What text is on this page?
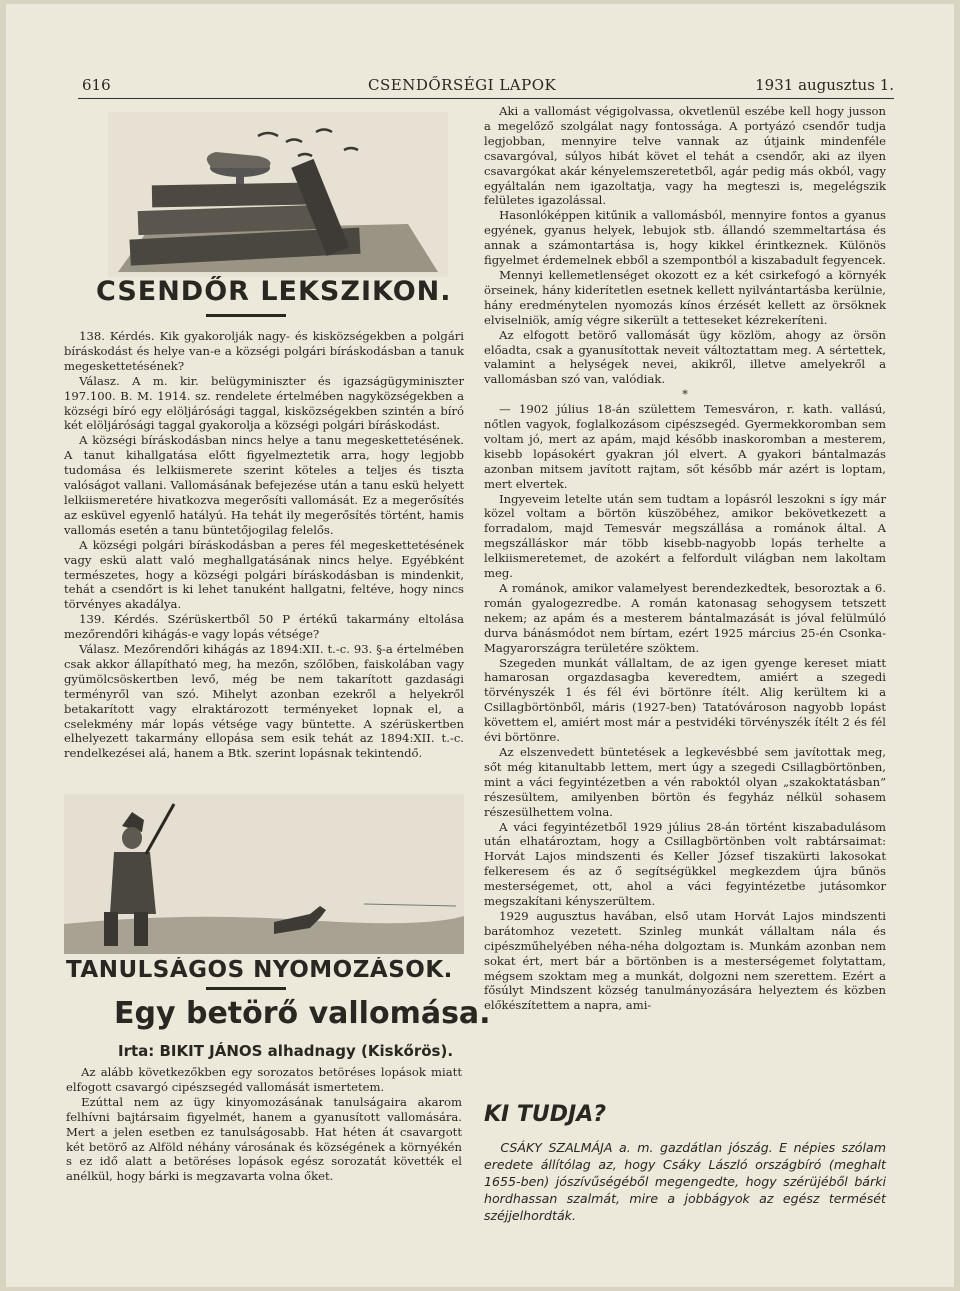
616	CSENDŐRSÉGI LAPOK	1931 augusztus 1.
CSENDŐR LEKSZIKON.

138. Kérdés. Kik gyakorolják nagy- és kisközségekben a polgári bíráskodást és helye van-e a községi polgári bíráskodásban a tanuk megeskettetésének?

Válasz. A m. kir. belügyminiszter és igazságügyminiszter 197.100. B. M. 1914. sz. rendelete értelmében nagyközségekben a községi bíró egy elöljárósági taggal, kisközségekben szintén a bíró két elöljárósági taggal gyakorolja a községi polgári bíráskodást.

A községi bíráskodásban nincs helye a tanu megeskettetésének. A tanut kihallgatása előtt figyelmeztetik arra, hogy legjobb tudomása és lelkiismerete szerint köteles a teljes és tiszta valóságot vallani. Vallomásának befejezése után a tanu eskü helyett lelkiismeretére hivatkozva megerősíti vallomását. Ez a megerősítés az esküvel egyenlő hatályú. Ha tehát ily megerősítés történt, hamis vallomás esetén a tanu büntetőjogilag felelős.

A községi polgári bíráskodásban a peres fél megeskettetésének vagy eskü alatt való meghallgatásának nincs helye. Egyébként természetes, hogy a községi polgári bíráskodásban is mindenkit, tehát a csendőrt is ki lehet tanuként hallgatni, feltéve, hogy nincs törvényes akadálya.

139. Kérdés. Szérüskertből 50 P értékű takarmány eltolása mezőrendőri kihágás-e vagy lopás vétsége?

Válasz. Mezőrendőri kihágás az 1894:XII. t.-c. 93. §-a értelmében csak akkor állapítható meg, ha mezőn, szőlőben, faiskolában vagy gyümölcsöskertben levő, még be nem takarított gazdasági terményről van szó. Mihelyt azonban ezekről a helyekről betakarított vagy elraktározott terményeket lopnak el, a cselekmény már lopás vétsége vagy büntette. A szérüskertben elhelyezett takarmány ellopása sem esik tehát az 1894:XII. t.-c. rendelkezései alá, hanem a Btk. szerint lopásnak tekintendő.

TANULSÁGOS NYOMOZÁSOK.
Egy betörő vallomása.
Irta: BIKIT JÁNOS alhadnagy (Kiskőrös).

Az alább következőkben egy sorozatos betöréses lopások miatt elfogott csavargó cipészsegéd vallomását ismertetem.

Ezúttal nem az ügy kinyomozásának tanulságaira akarom felhívni bajtársaim figyelmét, hanem a gyanusított vallomására. Mert a jelen esetben ez tanulságosabb. Hat héten át csavargott két betörő az Alföld néhány városának és községének a környékén s ez idő alatt a betöréses lopások egész sorozatát követték el anélkül, hogy bárki is megzavarta volna őket.

Aki a vallomást végigolvassa, okvetlenül eszébe kell hogy jusson a megelőző szolgálat nagy fontossága. A portyázó csendőr tudja legjobban, mennyire telve vannak az útjaink mindenféle csavargóval, súlyos hibát követ el tehát a csendőr, aki az ilyen csavargókat akár kényelemszeretetből, agár pedig más okból, vagy egyáltalán nem igazoltatja, vagy ha megteszi is, megelégszik felületes igazolással.

Hasonlóképpen kitűnik a vallomásból, mennyire fontos a gyanus egyének, gyanus helyek, lebujok stb. állandó szemmeltartása és annak a számontartása is, hogy kikkel érintkeznek. Különös figyelmet érdemelnek ebből a szempontból a kiszabadult fegyencek.

Mennyi kellemetlenséget okozott ez a két csirkefogó a környék örseinek, hány kiderítetlen esetnek kellett nyilvántartásba kerülnie, hány eredménytelen nyomozás kínos érzését kellett az örsöknek elviselniök, amíg végre sikerült a tetteseket kézrekeríteni.

Az elfogott betörő vallomását ügy közlöm, ahogy az örsön előadta, csak a gyanusítottak neveit változtattam meg. A sértettek, valamint a helységek nevei, akikről, illetve amelyekről a vallomásban szó van, valódiak.

*

— 1902 július 18-án születtem Temesváron, r. kath. vallású, nőtlen vagyok, foglalkozásom cipészsegéd. Gyermekkoromban sem voltam jó, mert az apám, majd később inaskoromban a mesterem, kisebb lopásokért gyakran jól elvert. A gyakori bántalmazás azonban mitsem javított rajtam, sőt később már azért is loptam, mert elvertek.

Ingyeveim letelte után sem tudtam a lopásról leszokni s így már közel voltam a börtön küszöbéhez, amikor bekövetkezett a forradalom, majd Temesvár megszállása a románok által. A megszálláskor már több kisebb-nagyobb lopás terhelte a lelkiismeretemet, de azokért a felfordult világban nem lakoltam meg.

A románok, amikor valamelyest berendezkedtek, besoroztak a 6. román gyalogezredbe. A román katonasag sehogysem tetszett nekem; az apám és a mesterem bántalmazását is jóval felülmúló durva bánásmódot nem bírtam, ezért 1925 március 25-én Csonka-Magyarországra területére szöktem.

Szegeden munkát vállaltam, de az igen gyenge kereset miatt hamarosan orgazdasagba keveredtem, amiért a szegedi törvényszék 1 és fél évi börtönre ítélt. Alig kerültem ki a Csillagbörtönből, máris (1927-ben) Tatatóvároson nagyobb lopást követtem el, amiért most már a pestvidéki törvényszék ítélt 2 és fél évi börtönre.

Az elszenvedett büntetések a legkevésbbé sem javítottak meg, sőt még kitanultabb lettem, mert úgy a szegedi Csillagbörtönben, mint a váci fegyintézetben a vén raboktól olyan „szakoktatásban” részesültem, amilyenben börtön és fegyház nélkül sohasem részesülhettem volna.

A váci fegyintézetből 1929 július 28-án történt kiszabadulásom után elhatároztam, hogy a Csillagbörtönben volt rabtársaimat: Horvát Lajos mindszenti és Keller József tiszakürti lakosokat felkeresem és az ő segítségükkel megkezdem újra bűnös mesterségemet, ott, ahol a váci fegyintézetbe jutásomkor megszakítani kényszerültem.

1929 augusztus havában, első utam Horvát Lajos mindszenti barátomhoz vezetett. Szinleg munkát vállaltam nála és cipészműhelyében néha-néha dolgoztam is. Munkám azonban nem sokat ért, mert bár a börtönben is a mesterségemet folytattam, mégsem szoktam meg a munkát, dolgozni nem szerettem. Ezért a fősúlyt Mindszent község tanulmányozására helyeztem és közben előkészítettem a napra, ami-

KI TUDJA?

CSÁKY SZALMÁJA a. m. gazdátlan jószág. E népies szólam eredete állítólag az, hogy Csáky László országbíró (meghalt 1655-ben) jószívűségéből megengedte, hogy szérüjéből bárki hordhassan szalmát, mire a jobbágyok az egész termését széjjelhordták.
